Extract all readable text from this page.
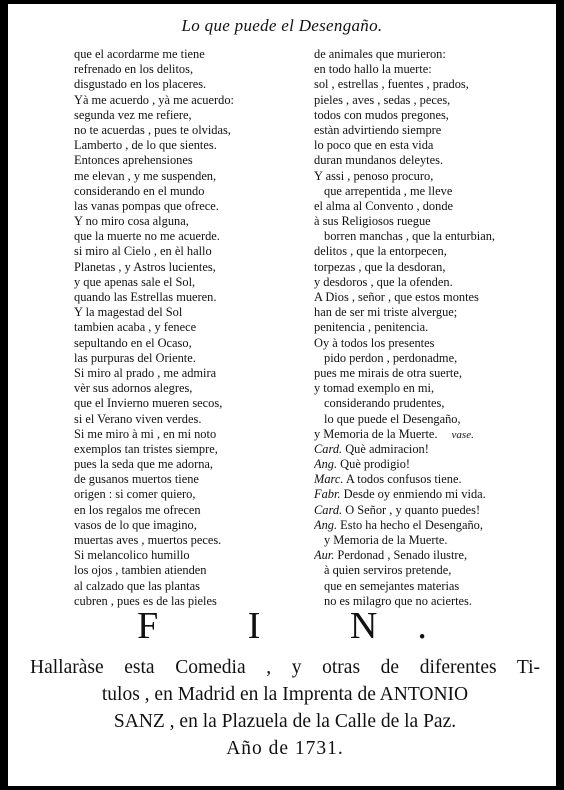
Lo que puede el Desengaño.
que el acordarme me tiene
refrenado en los delitos,
disgustado en los placeres.
Yà me acuerdo , yà me acuerdo:
segunda vez me refiere,
no te acuerdas , pues te olvidas,
Lamberto , de lo que sientes.
Entonces aprehensiones
me elevan , y me suspenden,
considerando en el mundo
las vanas pompas que ofrece.
Y no miro cosa alguna,
que la muerte no me acuerde.
si miro al Cielo , en èl hallo
Planetas , y Astros lucientes,
y que apenas sale el Sol,
quando las Estrellas mueren.
Y la magestad del Sol
tambien acaba , y fenece
sepultando en el Ocaso,
las purpuras del Oriente.
Si miro al prado , me admira
vèr sus adornos alegres,
que el Invierno mueren secos,
si el Verano viven verdes.
Si me miro à mi , en mi noto
exemplos tan tristes siempre,
pues la seda que me adorna,
de gusanos muertos tiene
origen : si comer quiero,
en los regalos me ofrecen
vasos de lo que imagino,
muertas aves , muertos peces.
Si melancolico humillo
los ojos , tambien atienden
al calzado que las plantas
cubren , pues es de las pieles
de animales que murieron:
en todo hallo la muerte:
sol , estrellas , fuentes , prados,
pieles , aves , sedas , peces,
todos con mudos pregones,
estàn advirtiendo siempre
lo poco que en esta vida
duran mundanos deleytes.
Y assi , penoso procuro,
que arrepentida , me lleve
el alma al Convento , donde
à sus Religiosos ruegue
borren manchas , que la enturbian,
delitos , que la entorpecen,
torpezas , que la desdoran,
y desdoros , que la ofenden.
A Dios , señor , que estos montes
han de ser mi triste alvergue;
penitencia , penitencia.
Oy à todos los presentes
pido perdon , perdonadme,
pues me mirais de otra suerte,
y tomad exemplo en mi,
considerando prudentes,
lo que puede el Desengaño,
y Memoria de la Muerte. vase.
Card. Què admiracion!
Ang. Què prodigio!
Marc. A todos confusos tiene.
Fabr. Desde oy enmiendo mi vida.
Card. O Señor , y quanto puedes!
Ang. Esto ha hecho el Desengaño,
y Memoria de la Muerte.
Aur. Perdonad , Senado ilustre,
à quien serviros pretende,
que en semejantes materias
no es milagro que no aciertes.
F I N.
Hallaràse esta Comedia , y otras de diferentes Ti-
tulos , en Madrid en la Imprenta de ANTONIO
SANZ , en la Plazuela de la Calle de la Paz.
Año de 1731.
